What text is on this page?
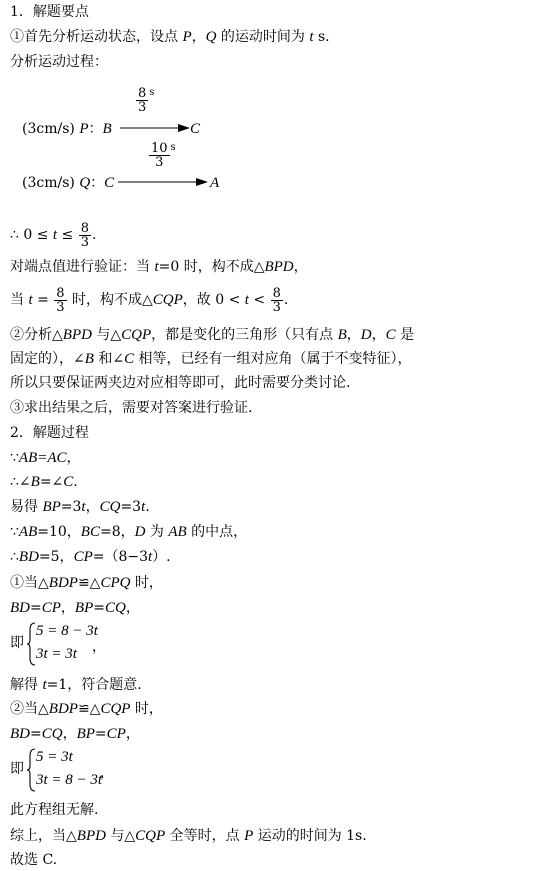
1．解题要点
①首先分析运动状态，设点 P，Q 的运动时间为 t s.
分析运动过程：
(3cm/s) P：B
$\frac{8}{3} ^s$
C
(3cm/s) Q：C
$\frac{10}{3} ^s$
A
∴ $0 \le t \le \frac{8}{3}$ .
对端点值进行验证：当 t=0 时，构不成△BPD，
当 $t = \frac{8}{3}$ 时，构不成△CQP，故 $0 < t < \frac{8}{3}$ .
②分析△BPD 与△CQP，都是变化的三角形（只有点 B，D，C 是
固定的），∠B 和∠C 相等，已经有一组对应角（属于不变特征），
所以只要保证两夹边对应相等即可，此时需要分类讨论.
③求出结果之后，需要对答案进行验证.
2．解题过程
∵AB=AC，
∴∠B=∠C.
易得 BP=3t，CQ=3t.
∵AB=10，BC=8，D 为 AB 的中点，
∴BD=5，CP=（8−3t）.
①当△BDP≌△CPQ 时，
BD=CP，BP=CQ，
即
5 = 8 − 3t
3t = 3t ，
解得 t=1，符合题意.
②当△BDP≌△CQP 时，
BD=CQ，BP=CP，
即
5 = 3t
3t = 8 − 3t
，
此方程组无解.
综上，当△BPD 与△CQP 全等时，点 P 运动的时间为 1s.
故选 C.
